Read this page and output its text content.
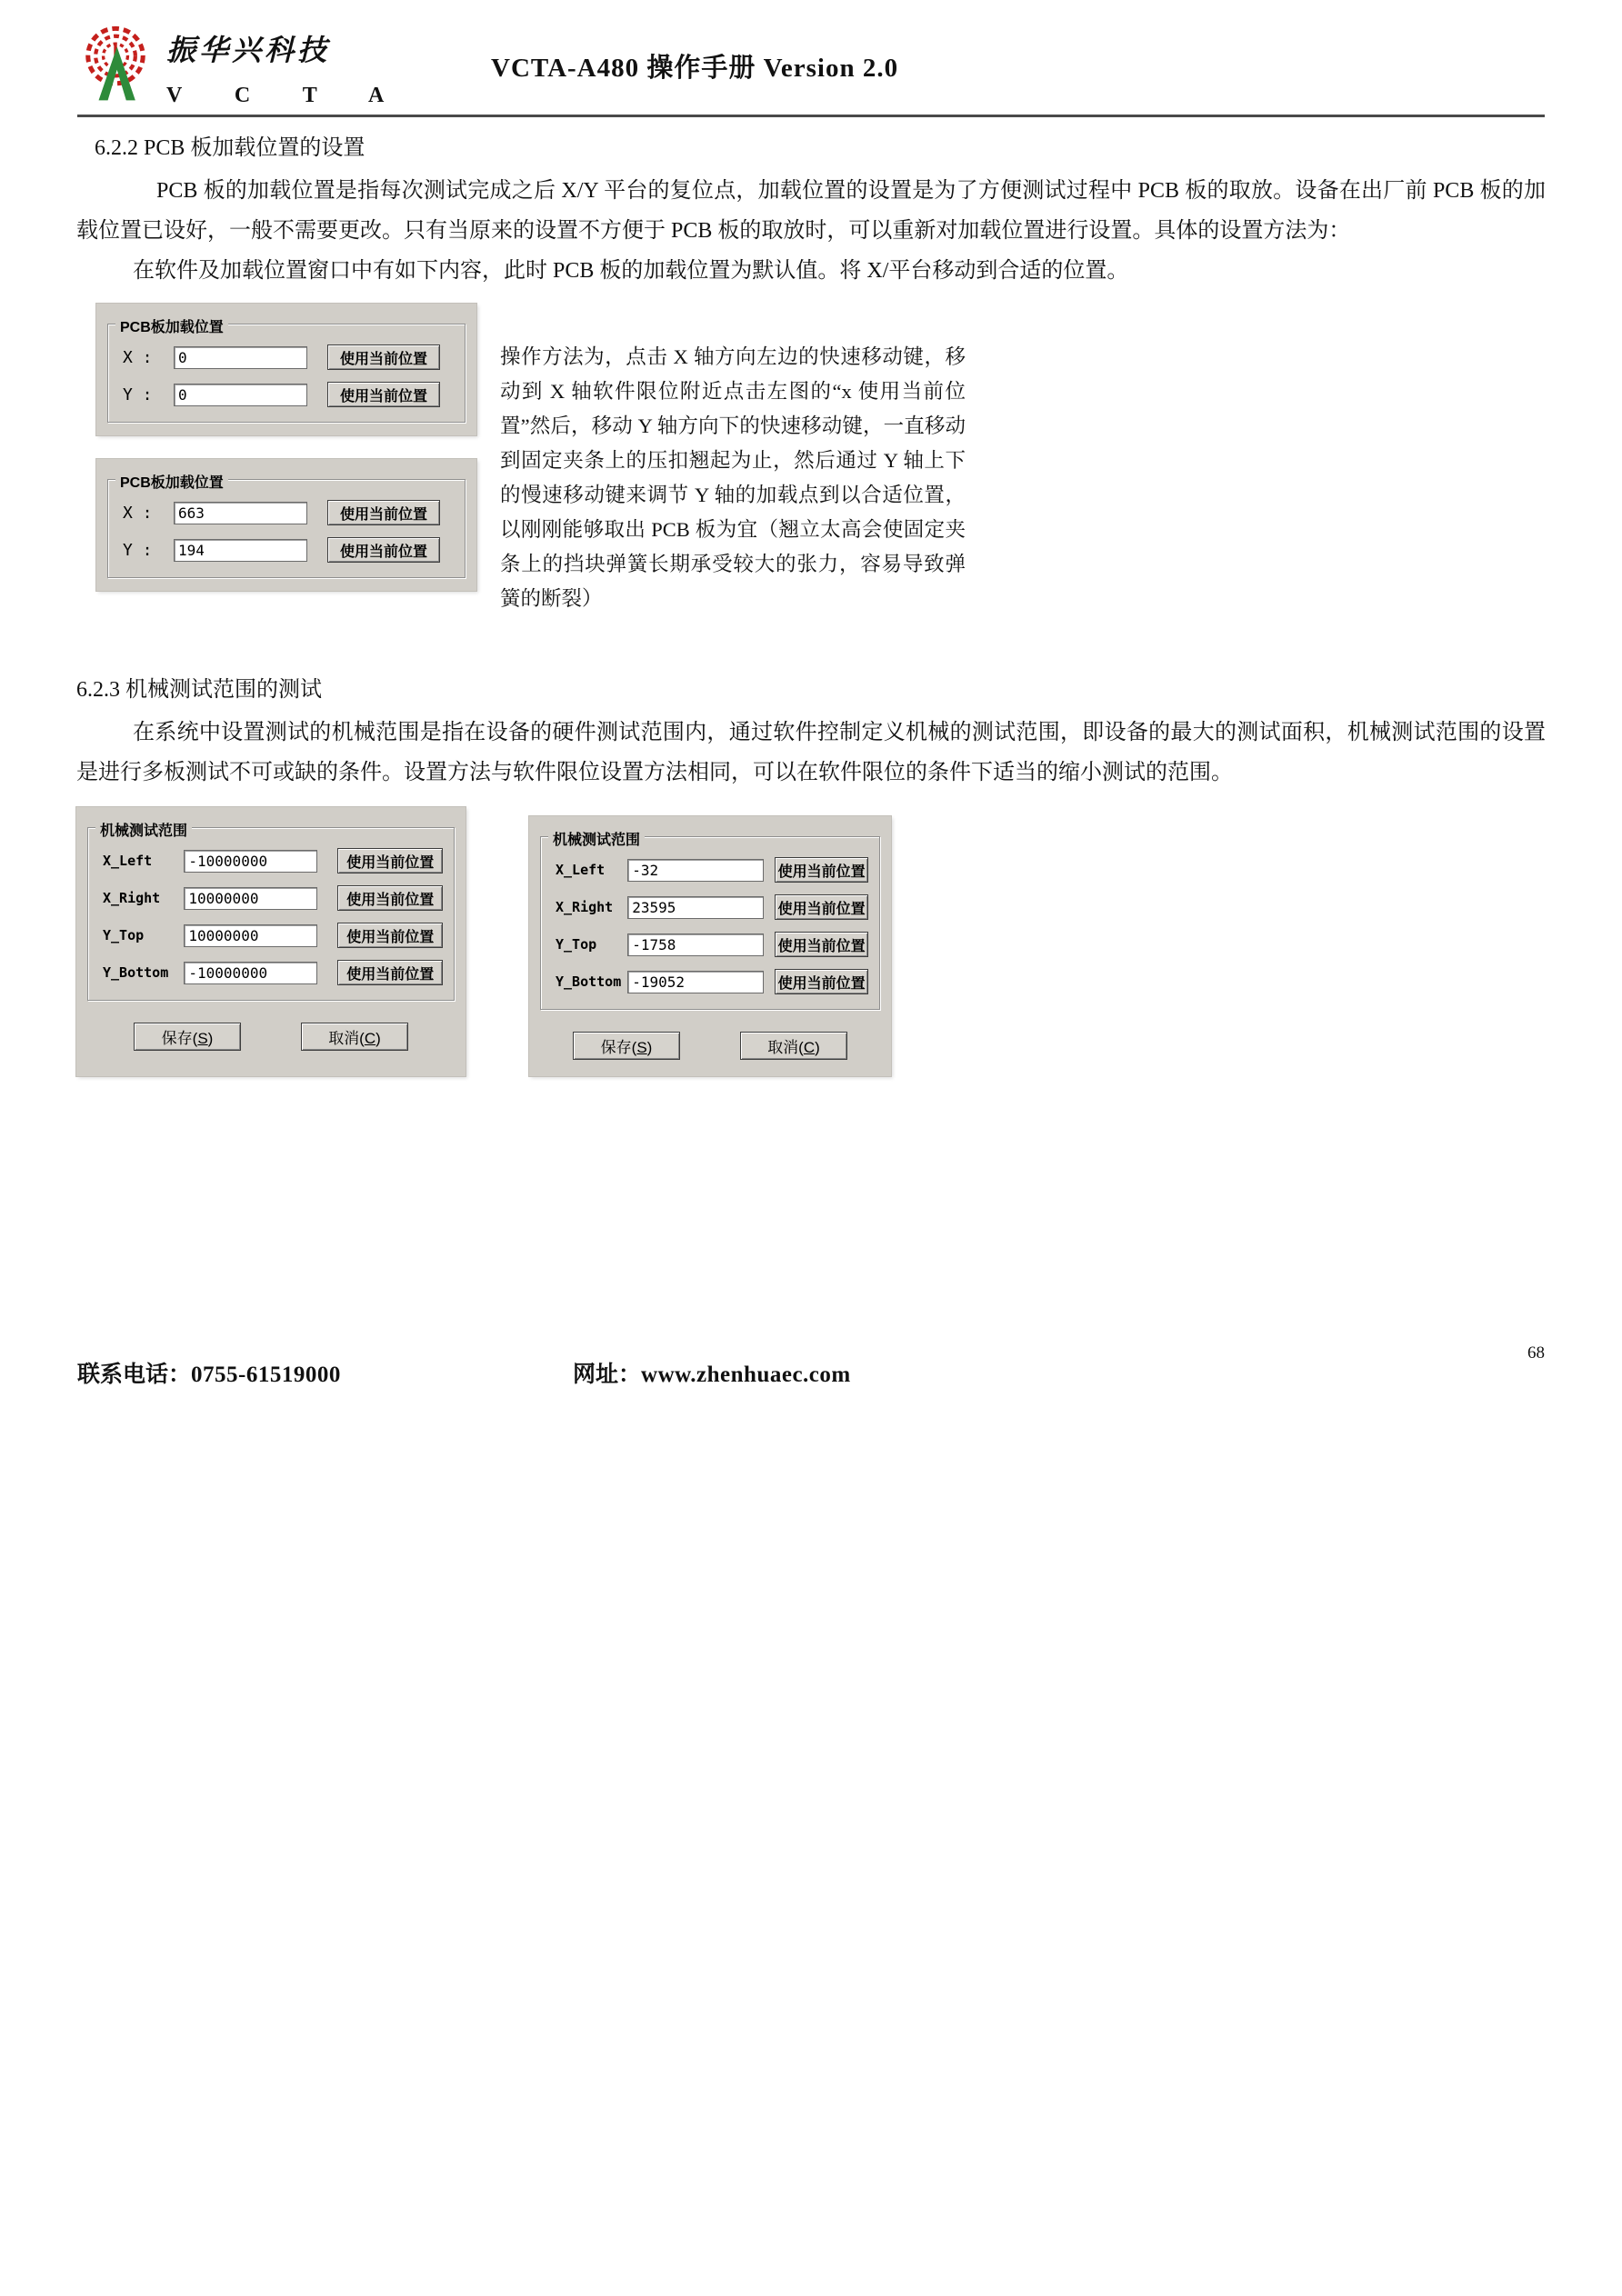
振华兴科技
V C T A
VCTA-A480 操作手册 Version 2.0
6.2.2 PCB 板加载位置的设置

PCB 板的加载位置是指每次测试完成之后 X/Y 平台的复位点，加载位置的设置是为了方便测试过程中 PCB 板的取放。设备在出厂前 PCB 板的加载位置已设好，一般不需要更改。只有当原来的设置不方便于 PCB 板的取放时，可以重新对加载位置进行设置。具体的设置方法为：

在软件及加载位置窗口中有如下内容，此时 PCB 板的加载位置为默认值。将 X/平台移动到合适的位置。

PCB板加载位置
X :
0	使用当前位置
Y :
0	使用当前位置
PCB板加载位置
X :
663	使用当前位置
Y :
194	使用当前位置
操作方法为，点击 X 轴方向左边的快速移动键，移动到 X 轴软件限位附近点击左图的“x 使用当前位置”然后，移动 Y 轴方向下的快速移动键，一直移动到固定夹条上的压扣翘起为止，然后通过 Y 轴上下的慢速移动键来调节 Y 轴的加载点到以合适位置，以刚刚能够取出 PCB 板为宜（翘立太高会使固定夹条上的挡块弹簧长期承受较大的张力，容易导致弹簧的断裂）
6.2.3 机械测试范围的测试

在系统中设置测试的机械范围是指在设备的硬件测试范围内，通过软件控制定义机械的测试范围，即设备的最大的测试面积，机械测试范围的设置是进行多板测试不可或缺的条件。设置方法与软件限位设置方法相同，可以在软件限位的条件下适当的缩小测试的范围。

机械测试范围
X_Left
-10000000	使用当前位置
X_Right
10000000	使用当前位置
Y_Top
10000000	使用当前位置
Y_Bottom
-10000000	使用当前位置
保存(S)	取消(C)
机械测试范围
X_Left
-32	使用当前位置
X_Right
23595	使用当前位置
Y_Top
-1758	使用当前位置
Y_Bottom
-19052	使用当前位置
保存(S)	取消(C)
联系电话：0755-61519000	网址：www.zhenhuaec.com
68
